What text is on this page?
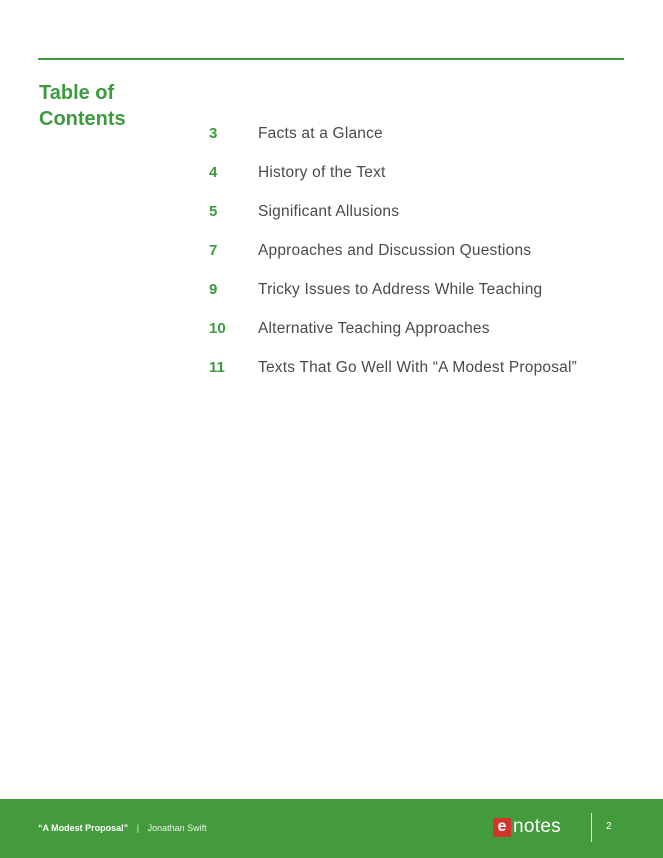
Table of Contents
3	Facts at a Glance
4	History of the Text
5	Significant Allusions
7	Approaches and Discussion Questions
9	Tricky Issues to Address While Teaching
10	Alternative Teaching Approaches
11	Texts That Go Well With “A Modest Proposal”
“A Modest Proposal” | Jonathan Swift	e notes	2
